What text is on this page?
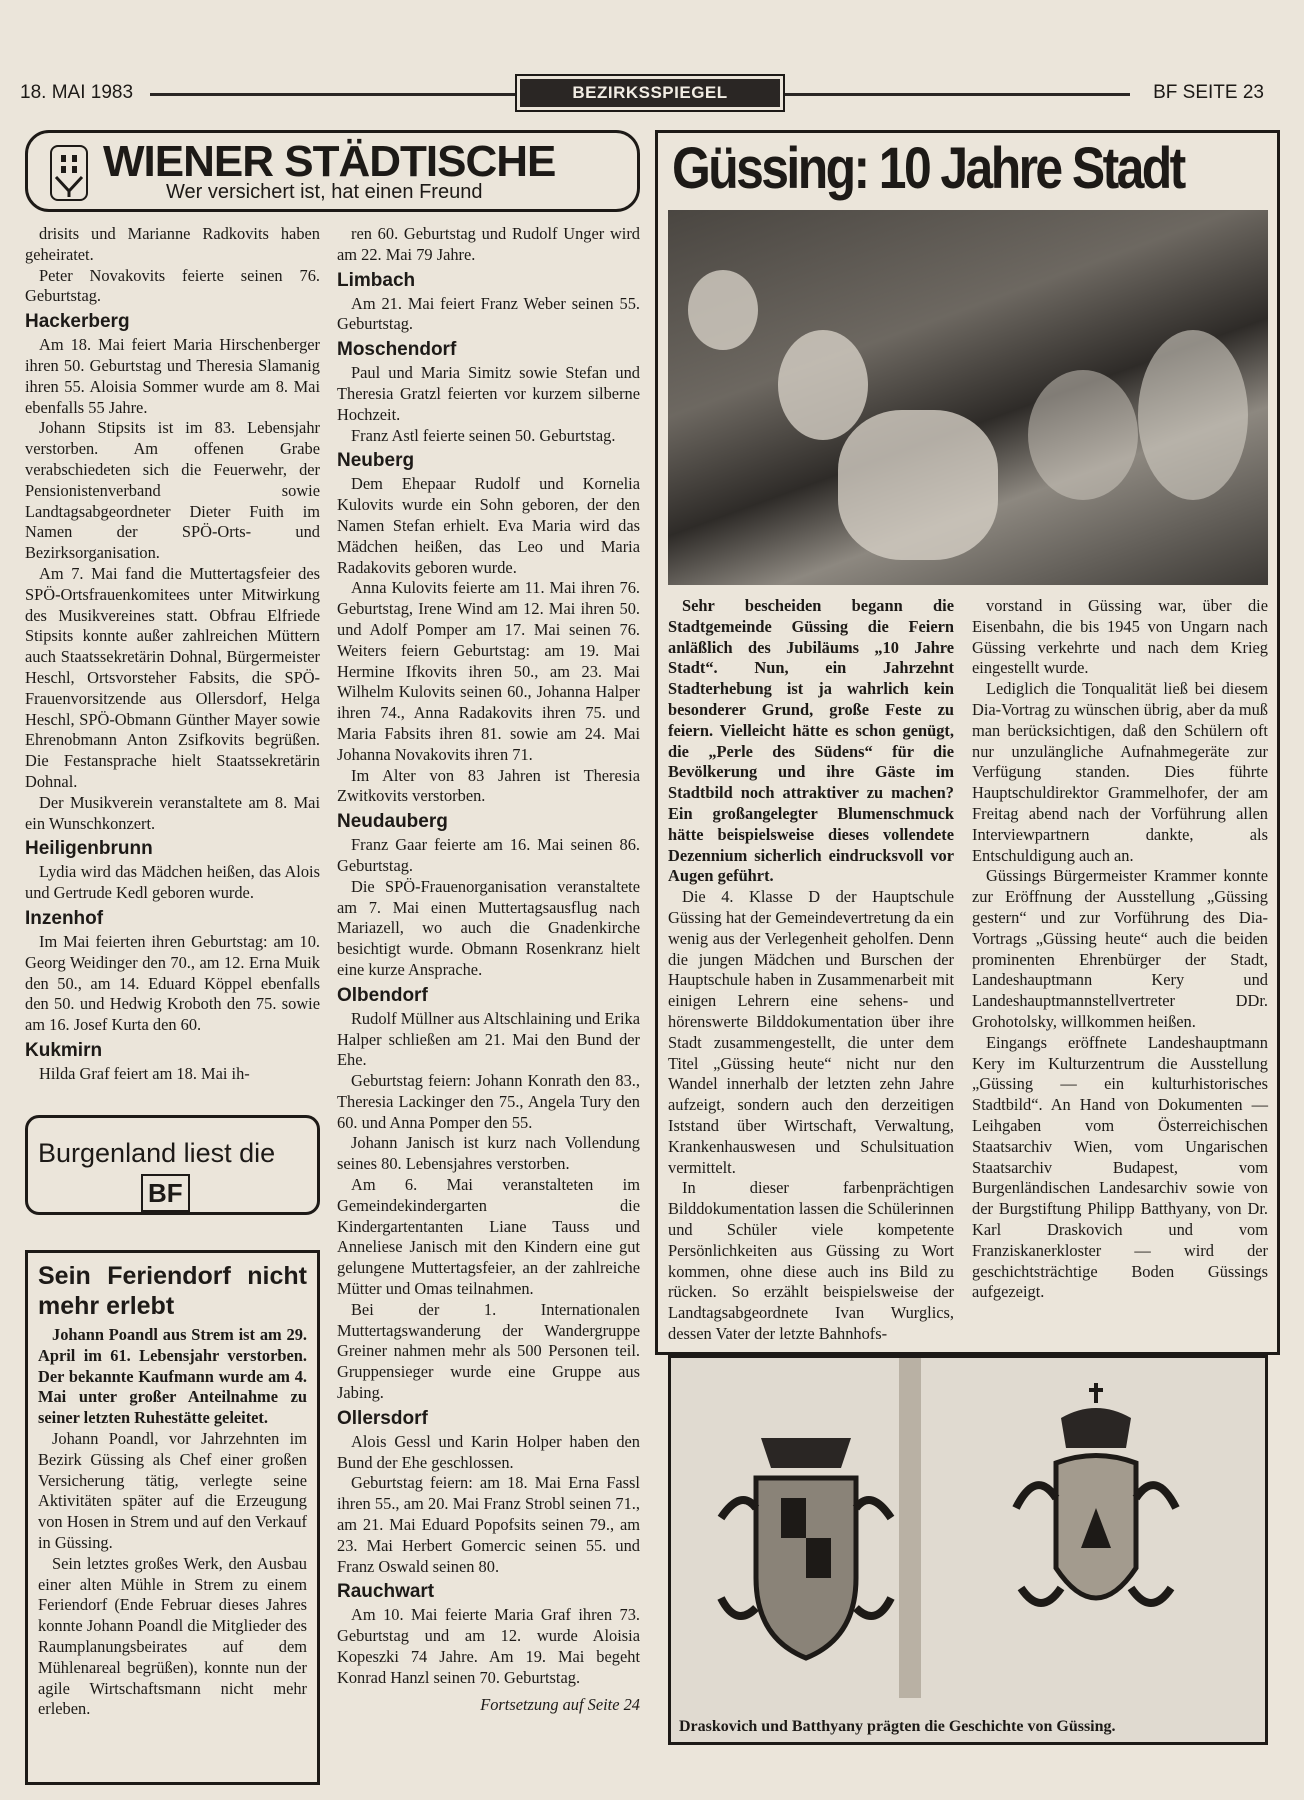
18. MAI 1983	BEZIRKSSPIEGEL	BF SEITE 23
WIENER STÄDTISCHE
Wer versichert ist, hat einen Freund

drisits und Marianne Radkovits haben geheiratet.

Peter Novakovits feierte seinen 76. Geburtstag.

Hackerberg

Am 18. Mai feiert Maria Hirschenberger ihren 50. Geburtstag und Theresia Slamanig ihren 55. Aloisia Sommer wurde am 8. Mai ebenfalls 55 Jahre.

Johann Stipsits ist im 83. Lebensjahr verstorben. Am offenen Grabe verabschiedeten sich die Feuerwehr, der Pensionistenverband sowie Landtagsabgeordneter Dieter Fuith im Namen der SPÖ-Orts- und Bezirksorganisation.

Am 7. Mai fand die Muttertagsfeier des SPÖ-Ortsfrauenkomitees unter Mitwirkung des Musikvereines statt. Obfrau Elfriede Stipsits konnte außer zahlreichen Müttern auch Staatssekretärin Dohnal, Bürgermeister Heschl, Ortsvorsteher Fabsits, die SPÖ-Frauenvorsitzende aus Ollersdorf, Helga Heschl, SPÖ-Obmann Günther Mayer sowie Ehrenobmann Anton Zsifkovits begrüßen. Die Festansprache hielt Staatssekretärin Dohnal.

Der Musikverein veranstaltete am 8. Mai ein Wunschkonzert.

Heiligenbrunn

Lydia wird das Mädchen heißen, das Alois und Gertrude Kedl geboren wurde.

Inzenhof

Im Mai feierten ihren Geburtstag: am 10. Georg Weidinger den 70., am 12. Erna Muik den 50., am 14. Eduard Köppel ebenfalls den 50. und Hedwig Kroboth den 75. sowie am 16. Josef Kurta den 60.

Kukmirn

Hilda Graf feiert am 18. Mai ih-

ren 60. Geburtstag und Rudolf Unger wird am 22. Mai 79 Jahre.

Limbach

Am 21. Mai feiert Franz Weber seinen 55. Geburtstag.

Moschendorf

Paul und Maria Simitz sowie Stefan und Theresia Gratzl feierten vor kurzem silberne Hochzeit.

Franz Astl feierte seinen 50. Geburtstag.

Neuberg

Dem Ehepaar Rudolf und Kornelia Kulovits wurde ein Sohn geboren, der den Namen Stefan erhielt. Eva Maria wird das Mädchen heißen, das Leo und Maria Radakovits geboren wurde.

Anna Kulovits feierte am 11. Mai ihren 76. Geburtstag, Irene Wind am 12. Mai ihren 50. und Adolf Pomper am 17. Mai seinen 76. Weiters feiern Geburtstag: am 19. Mai Hermine Ifkovits ihren 50., am 23. Mai Wilhelm Kulovits seinen 60., Johanna Halper ihren 74., Anna Radakovits ihren 75. und Maria Fabsits ihren 81. sowie am 24. Mai Johanna Novakovits ihren 71.

Im Alter von 83 Jahren ist Theresia Zwitkovits verstorben.

Neudauberg

Franz Gaar feierte am 16. Mai seinen 86. Geburtstag.

Die SPÖ-Frauenorganisation veranstaltete am 7. Mai einen Muttertagsausflug nach Mariazell, wo auch die Gnadenkirche besichtigt wurde. Obmann Rosenkranz hielt eine kurze Ansprache.

Olbendorf

Rudolf Müllner aus Altschlaining und Erika Halper schließen am 21. Mai den Bund der Ehe.

Geburtstag feiern: Johann Konrath den 83., Theresia Lackinger den 75., Angela Tury den 60. und Anna Pomper den 55.

Johann Janisch ist kurz nach Vollendung seines 80. Lebensjahres verstorben.

Am 6. Mai veranstalteten im Gemeindekindergarten die Kindergartentanten Liane Tauss und Anneliese Janisch mit den Kindern eine gut gelungene Muttertagsfeier, an der zahlreiche Mütter und Omas teilnahmen.

Bei der 1. Internationalen Muttertagswanderung der Wandergruppe Greiner nahmen mehr als 500 Personen teil. Gruppensieger wurde eine Gruppe aus Jabing.

Ollersdorf

Alois Gessl und Karin Holper haben den Bund der Ehe geschlossen.

Geburtstag feiern: am 18. Mai Erna Fassl ihren 55., am 20. Mai Franz Strobl seinen 71., am 21. Mai Eduard Popofsits seinen 79., am 23. Mai Herbert Gomercic seinen 55. und Franz Oswald seinen 80.

Rauchwart

Am 10. Mai feierte Maria Graf ihren 73. Geburtstag und am 12. wurde Aloisia Kopeszki 74 Jahre. Am 19. Mai begeht Konrad Hanzl seinen 70. Geburtstag.

Fortsetzung auf Seite 24
Burgenland liest die
BF
Sein Feriendorf nicht mehr erlebt

Johann Poandl aus Strem ist am 29. April im 61. Lebensjahr verstorben. Der bekannte Kaufmann wurde am 4. Mai unter großer Anteilnahme zu seiner letzten Ruhestätte geleitet.

Johann Poandl, vor Jahrzehnten im Bezirk Güssing als Chef einer großen Versicherung tätig, verlegte seine Aktivitäten später auf die Erzeugung von Hosen in Strem und auf den Verkauf in Güssing.

Sein letztes großes Werk, den Ausbau einer alten Mühle in Strem zu einem Feriendorf (Ende Februar dieses Jahres konnte Johann Poandl die Mitglieder des Raumplanungsbeirates auf dem Mühlenareal begrüßen), konnte nun der agile Wirtschaftsmann nicht mehr erleben.

Güssing: 10 Jahre Stadt

Sehr bescheiden begann die Stadtgemeinde Güssing die Feiern anläßlich des Jubiläums „10 Jahre Stadt“. Nun, ein Jahrzehnt Stadterhebung ist ja wahrlich kein besonderer Grund, große Feste zu feiern. Vielleicht hätte es schon genügt, die „Perle des Südens“ für die Bevölkerung und ihre Gäste im Stadtbild noch attraktiver zu machen? Ein großangelegter Blumenschmuck hätte beispielsweise dieses vollendete Dezennium sicherlich eindrucksvoll vor Augen geführt.

Die 4. Klasse D der Hauptschule Güssing hat der Gemeindevertretung da ein wenig aus der Verlegenheit geholfen. Denn die jungen Mädchen und Burschen der Hauptschule haben in Zusammenarbeit mit einigen Lehrern eine sehens- und hörenswerte Bilddokumentation über ihre Stadt zusammengestellt, die unter dem Titel „Güssing heute“ nicht nur den Wandel innerhalb der letzten zehn Jahre aufzeigt, sondern auch den derzeitigen Iststand über Wirtschaft, Verwaltung, Krankenhauswesen und Schulsituation vermittelt.

In dieser farbenprächtigen Bilddokumentation lassen die Schülerinnen und Schüler viele kompetente Persönlichkeiten aus Güssing zu Wort kommen, ohne diese auch ins Bild zu rücken. So erzählt beispielsweise der Landtagsabgeordnete Ivan Wurglics, dessen Vater der letzte Bahnhofs-

vorstand in Güssing war, über die Eisenbahn, die bis 1945 von Ungarn nach Güssing verkehrte und nach dem Krieg eingestellt wurde.

Lediglich die Tonqualität ließ bei diesem Dia-Vortrag zu wünschen übrig, aber da muß man berücksichtigen, daß den Schülern oft nur unzulängliche Aufnahmegeräte zur Verfügung standen. Dies führte Hauptschuldirektor Grammelhofer, der am Freitag abend nach der Vorführung allen Interviewpartnern dankte, als Entschuldigung auch an.

Güssings Bürgermeister Krammer konnte zur Eröffnung der Ausstellung „Güssing gestern“ und zur Vorführung des Dia-Vortrags „Güssing heute“ auch die beiden prominenten Ehrenbürger der Stadt, Landeshauptmann Kery und Landeshauptmannstellvertreter DDr. Grohotolsky, willkommen heißen.

Eingangs eröffnete Landeshauptmann Kery im Kulturzentrum die Ausstellung „Güssing — ein kulturhistorisches Stadtbild“. An Hand von Dokumenten — Leihgaben vom Österreichischen Staatsarchiv Wien, vom Ungarischen Staatsarchiv Budapest, vom Burgenländischen Landesarchiv sowie von der Burgstiftung Philipp Batthyany, von Dr. Karl Draskovich und vom Franziskanerkloster — wird der geschichtsträchtige Boden Güssings aufgezeigt.

Draskovich und Batthyany prägten die Geschichte von Güssing.
